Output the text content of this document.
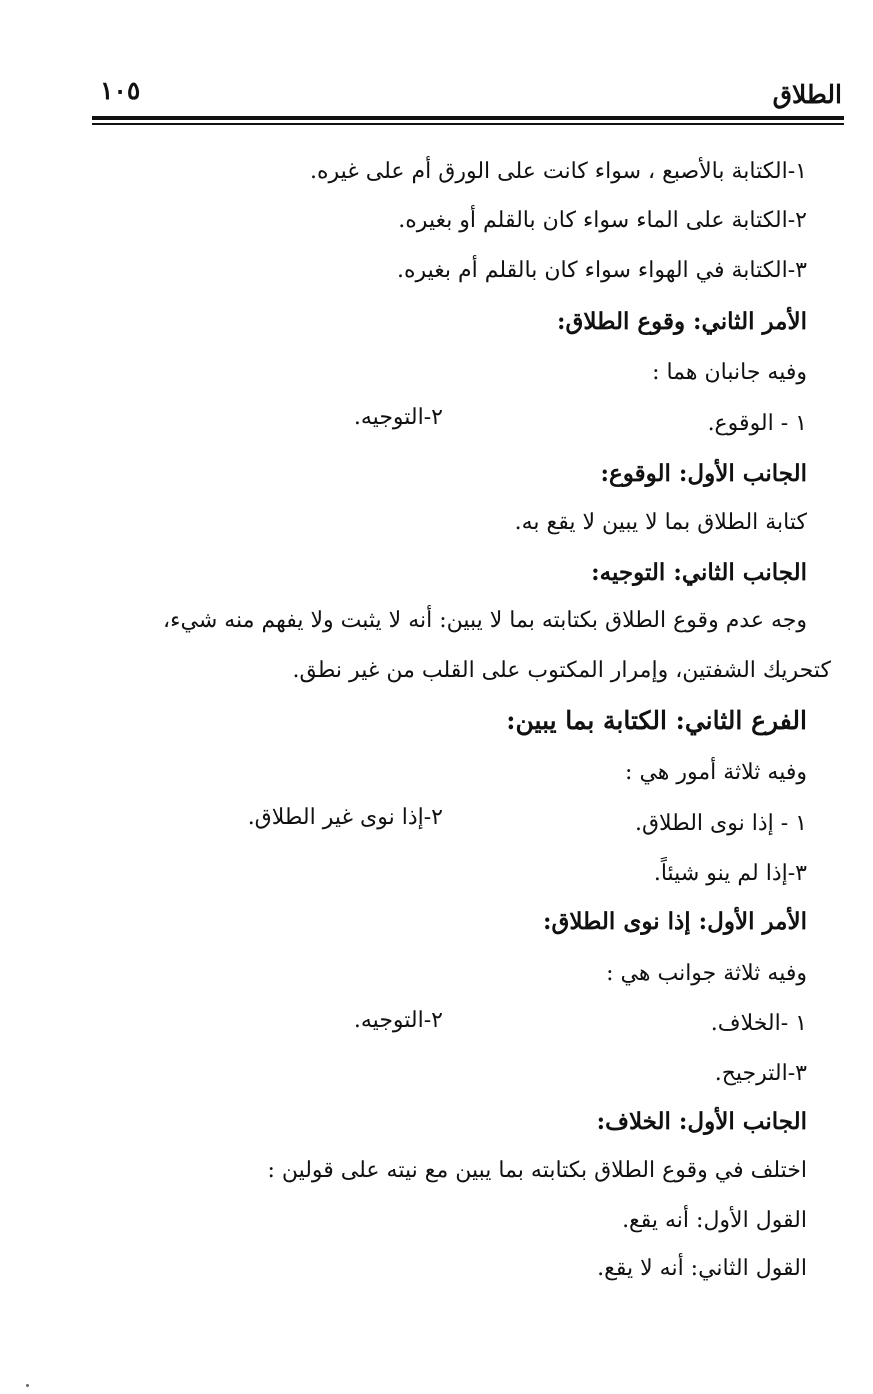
الطلاق
١٠٥
١-الكتابة بالأصبع ، سواء كانت على الورق أم على غيره.
٢-الكتابة على الماء سواء كان بالقلم أو بغيره.
٣-الكتابة في الهواء سواء كان بالقلم أم بغيره.
الأمر الثاني: وقوع الطلاق:
وفيه جانبان هما :
١ - الوقوع.
٢-التوجيه.
الجانب الأول: الوقوع:
كتابة الطلاق بما لا يبين لا يقع به.
الجانب الثاني: التوجيه:
وجه عدم وقوع الطلاق بكتابته بما لا يبين: أنه لا يثبت ولا يفهم منه شيء،
كتحريك الشفتين، وإمرار المكتوب على القلب من غير نطق.
الفرع الثاني: الكتابة بما يبين:
وفيه ثلاثة أمور هي :
١ - إذا نوى الطلاق.
٢-إذا نوى غير الطلاق.
٣-إذا لم ينو شيئاً.
الأمر الأول: إذا نوى الطلاق:
وفيه ثلاثة جوانب هي :
١ -الخلاف.
٢-التوجيه.
٣-الترجيح.
الجانب الأول: الخلاف:
اختلف في وقوع الطلاق بكتابته بما يبين مع نيته على قولين :
القول الأول: أنه يقع.
القول الثاني: أنه لا يقع.
